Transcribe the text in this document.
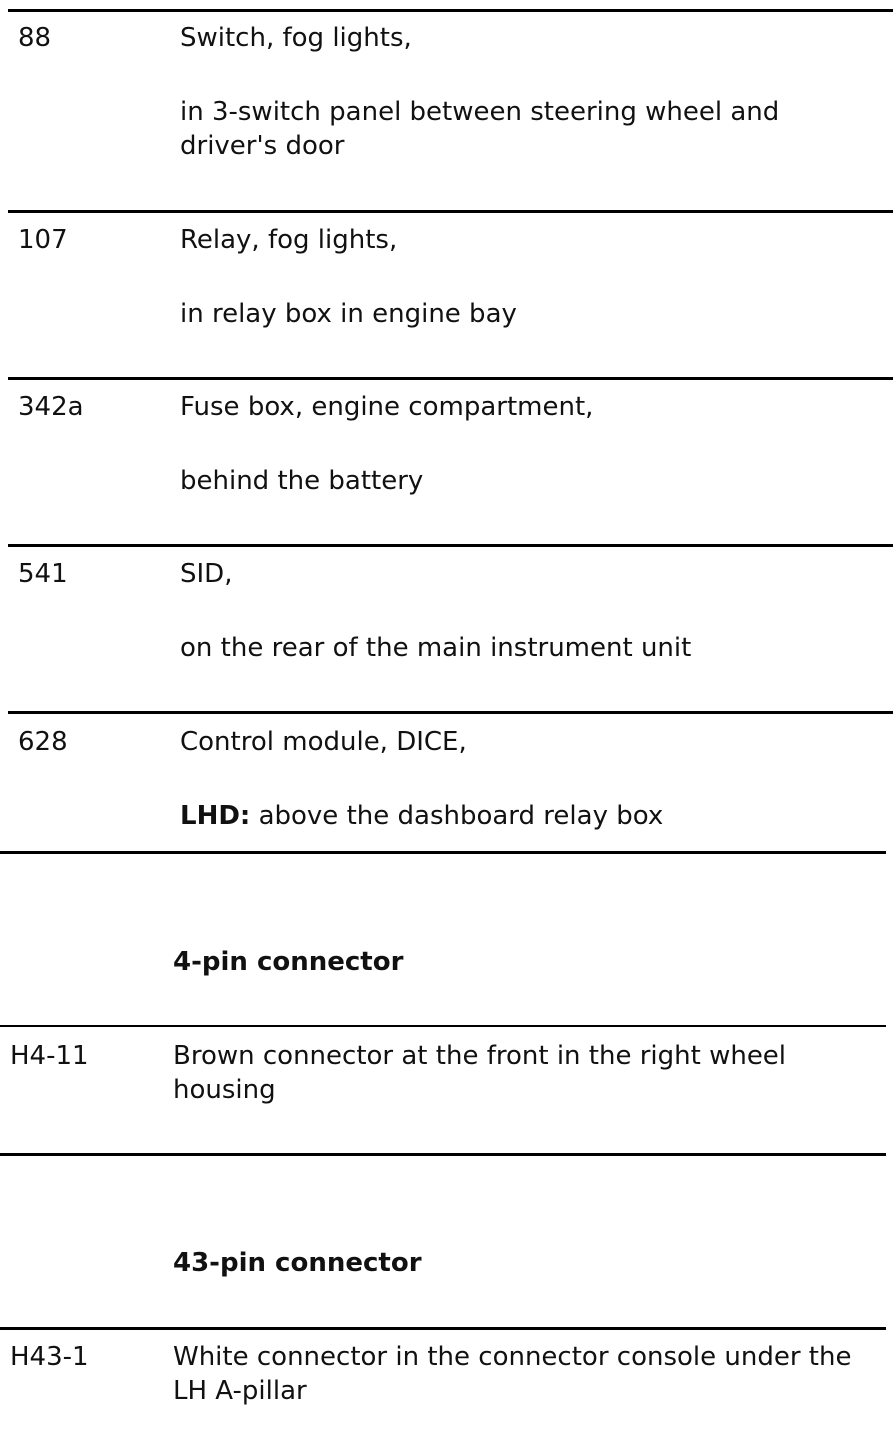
88	Switch, fog lights,
in 3-switch panel between steering wheel and driver's door
107	Relay, fog lights,
in relay box in engine bay
342a	Fuse box, engine compartment,
behind the battery
541	SID,
on the rear of the main instrument unit
628	Control module, DICE,
LHD: above the dashboard relay box
4-pin connector
H4-11	Brown connector at the front in the right wheel housing
43-pin connector
H43-1	White connector in the connector console under the LH A-pillar
